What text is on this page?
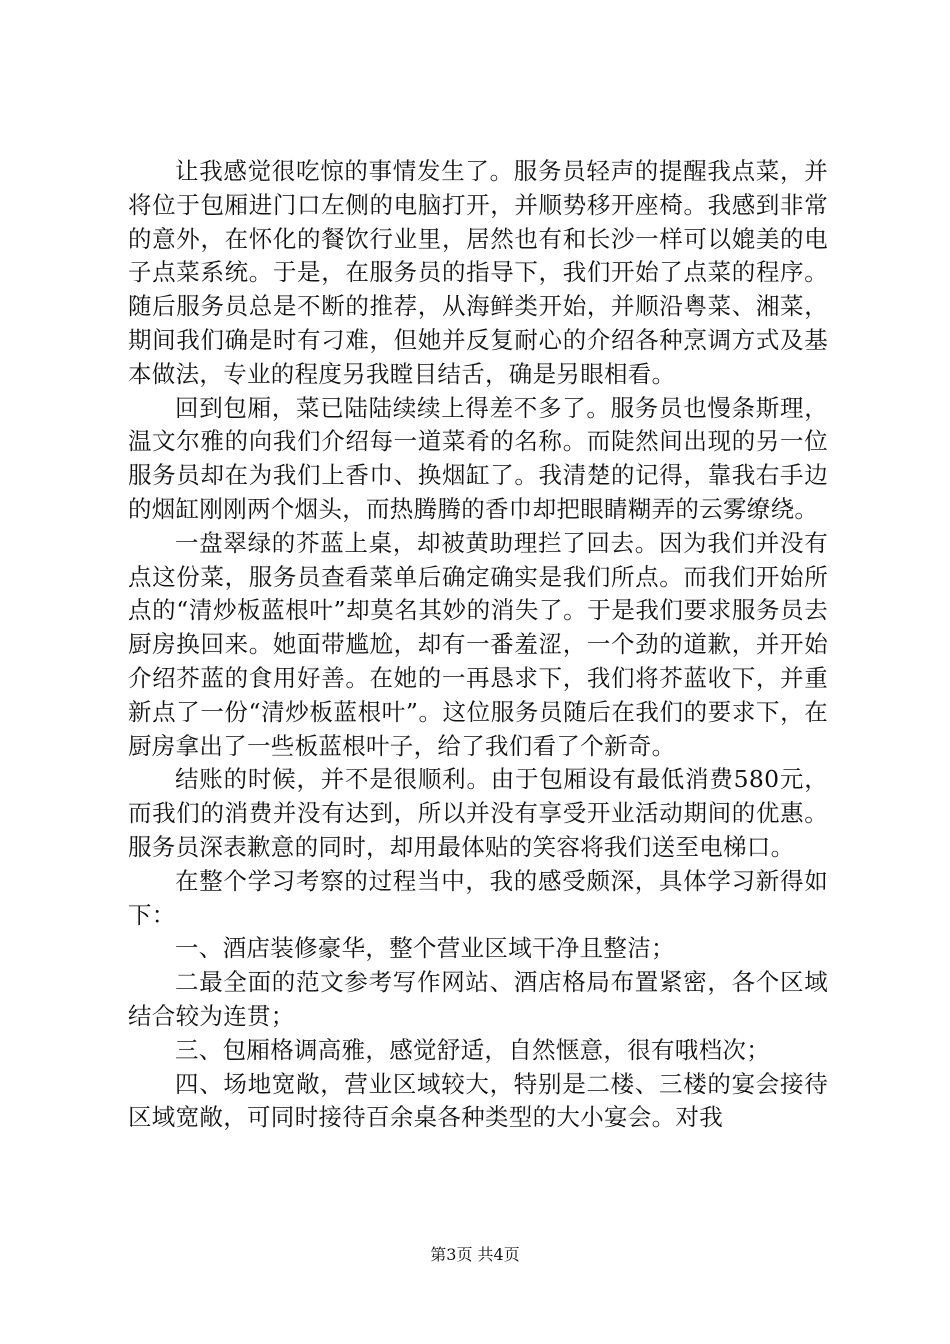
让我感觉很吃惊的事情发生了。服务员轻声的提醒我点菜，并将位于包厢进门口左侧的电脑打开，并顺势移开座椅。我感到非常的意外，在怀化的餐饮行业里，居然也有和长沙一样可以媲美的电子点菜系统。于是，在服务员的指导下，我们开始了点菜的程序。随后服务员总是不断的推荐，从海鲜类开始，并顺沿粤菜、湘菜，期间我们确是时有刁难，但她并反复耐心的介绍各种烹调方式及基本做法，专业的程度另我瞠目结舌，确是另眼相看。

回到包厢，菜已陆陆续续上得差不多了。服务员也慢条斯理，温文尔雅的向我们介绍每一道菜肴的名称。而陡然间出现的另一位服务员却在为我们上香巾、换烟缸了。我清楚的记得，靠我右手边的烟缸刚刚两个烟头，而热腾腾的香巾却把眼睛糊弄的云雾缭绕。

一盘翠绿的芥蓝上桌，却被黄助理拦了回去。因为我们并没有点这份菜，服务员查看菜单后确定确实是我们所点。而我们开始所点的“清炒板蓝根叶”却莫名其妙的消失了。于是我们要求服务员去厨房换回来。她面带尴尬，却有一番羞涩，一个劲的道歉，并开始介绍芥蓝的食用好善。在她的一再恳求下，我们将芥蓝收下，并重新点了一份“清炒板蓝根叶”。这位服务员随后在我们的要求下，在厨房拿出了一些板蓝根叶子，给了我们看了个新奇。

结账的时候，并不是很顺利。由于包厢设有最低消费580元，而我们的消费并没有达到，所以并没有享受开业活动期间的优惠。服务员深表歉意的同时，却用最体贴的笑容将我们送至电梯口。

在整个学习考察的过程当中，我的感受颇深，具体学习新得如下：

一、酒店装修豪华，整个营业区域干净且整洁；

二最全面的范文参考写作网站、酒店格局布置紧密，各个区域结合较为连贯；

三、包厢格调高雅，感觉舒适，自然惬意，很有哦档次；

四、场地宽敞，营业区域较大，特别是二楼、三楼的宴会接待区域宽敞，可同时接待百余桌各种类型的大小宴会。对我

第3页 共4页
